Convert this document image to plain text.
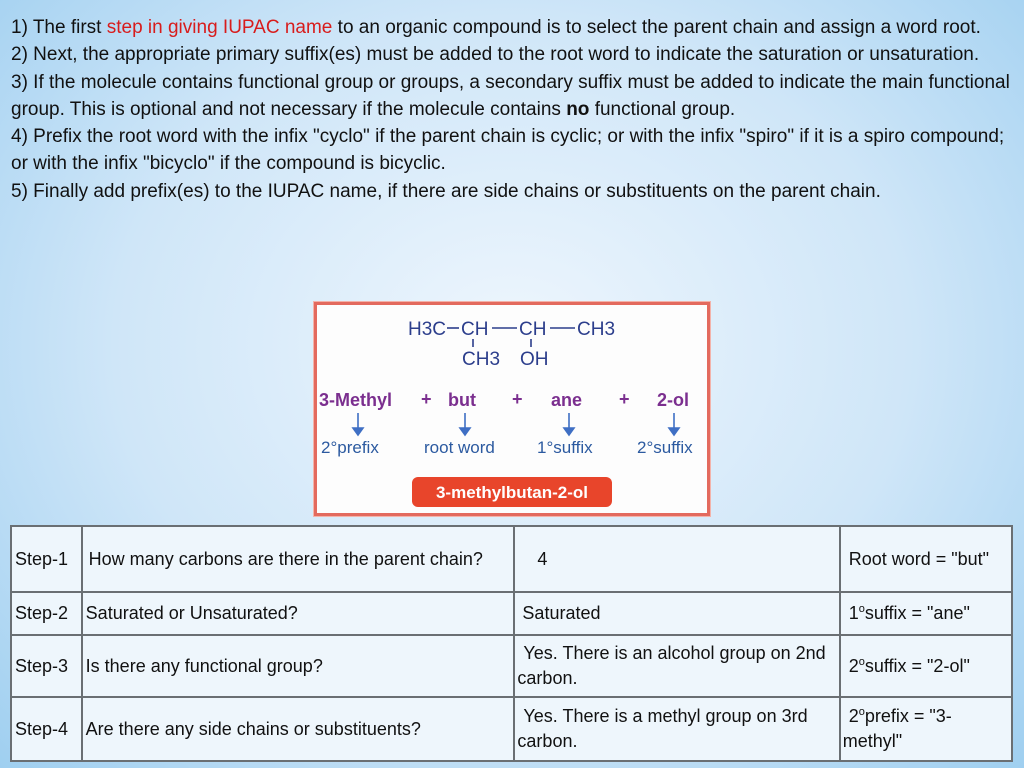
1) The first step in giving IUPAC name to an organic compound is to select the parent chain and assign a word root.

2) Next, the appropriate primary suffix(es) must be added to the root word to indicate the saturation or unsaturation.

3) If the molecule contains functional group or groups, a secondary suffix must be added to indicate the main functional group. This is optional and not necessary if the molecule contains no functional group.

4) Prefix the root word with the infix "cyclo" if the parent chain is cyclic; or with the infix "spiro" if it is a spiro compound; or with the infix "bicyclo" if the compound is bicyclic.

5) Finally add prefix(es) to the IUPAC name, if there are side chains or substituents on the parent chain.

H3C CH CH CH3
CH3 OH
3-Methyl	but	ane	2-ol
+	+	+
2°prefix	root word 1°suffix	2°suffix
3-methylbutan-2-ol
Step-1	How many carbons are there in the parent chain?	4	Root word = "but"
Step-2	Saturated or Unsaturated?	Saturated	$1^osuffix$ = "ane"
Step-3	Is there any functional group?	Yes. There is an alcohol group on 2nd carbon.	$2^osuffix$ = "2-ol"
Step-4	Are there any side chains or substituents?	Yes. There is a methyl group on 3rd carbon.	$2^oprefix$ = "3-methyl"
